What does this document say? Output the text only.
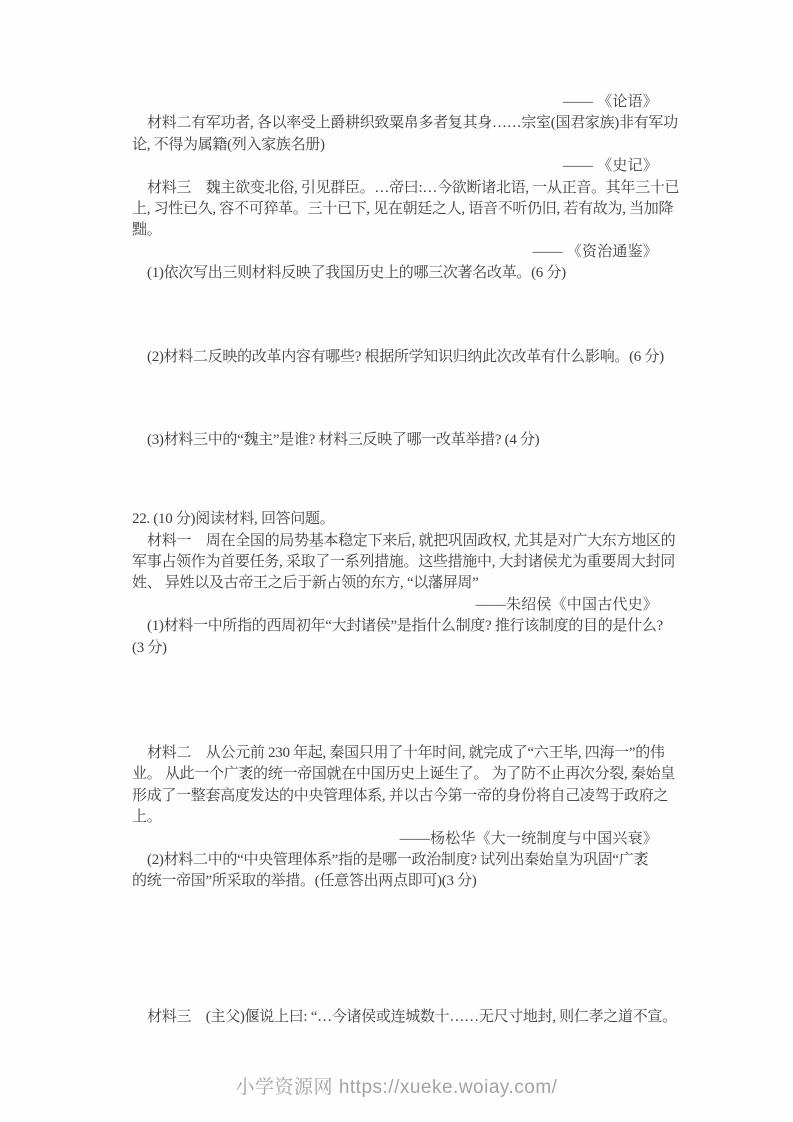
—— 《论语》
材料二有军功者, 各以率受上爵耕织致粟帛多者复其身……宗室(国君家族)非有军功
论, 不得为属籍(列入家族名册)
—— 《史记》
材料三　魏主欲变北俗, 引见群臣。…帝曰:…今欲断诸北语, 一从正音。其年三十已
上, 习性已久, 容不可猝革。三十已下, 见在朝廷之人, 语音不听仍旧, 若有故为, 当加降
黜。
—— 《资治通鉴》
(1)依次写出三则材料反映了我国历史上的哪三次著名改革。(6 分)
(2)材料二反映的改革内容有哪些? 根据所学知识归纳此次改革有什么影响。(6 分)
(3)材料三中的“魏主”是谁? 材料三反映了哪一改革举措? (4 分)
22. (10 分)阅读材料, 回答问题。
材料一　周在全国的局势基本稳定下来后, 就把巩固政权, 尤其是对广大东方地区的
军事占领作为首要任务, 采取了一系列措施。这些措施中, 大封诸侯尤为重要周大封同
姓、 异姓以及古帝王之后于新占领的东方, “以藩屏周”
——朱绍侯《中国古代史》
(1)材料一中所指的西周初年“大封诸侯”是指什么制度? 推行该制度的目的是什么?
(3 分)
材料二　从公元前 230 年起, 秦国只用了十年时间, 就完成了“六王毕, 四海一”的伟
业。 从此一个广袤的统一帝国就在中国历史上诞生了。 为了防不止再次分裂, 秦始皇
形成了一整套高度发达的中央管理体系, 并以古今第一帝的身份将自己凌驾于政府之
上。
——杨松华《大一统制度与中国兴衰》
(2)材料二中的“中央管理体系”指的是哪一政治制度? 试列出秦始皇为巩固“广袤
的统一帝国”所采取的举措。(任意答出两点即可)(3 分)
材料三　(主父)偃说上曰: “…今诸侯或连城数十……无尺寸地封, 则仁孝之道不宣。
小学资源网 https://xueke.woiay.com/
